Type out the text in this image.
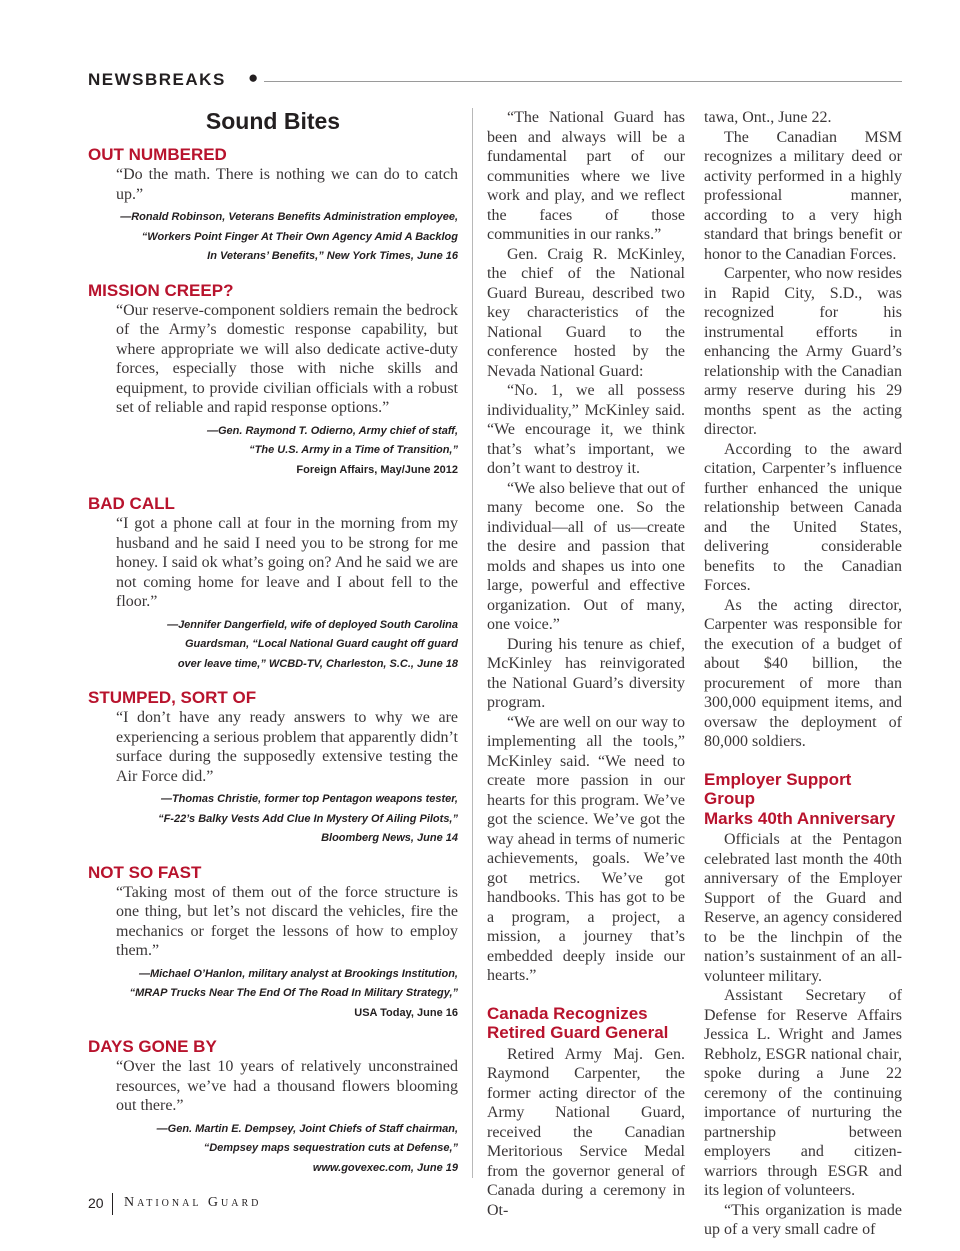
NEWSBREAKS ●
Sound Bites
OUT NUMBERED

“Do the math. There is nothing we can do to catch up.”

—Ronald Robinson, Veterans Benefits Administration employee,

“Workers Point Finger At Their Own Agency Amid A Backlog

In Veterans’ Benefits,” New York Times, June 16

MISSION CREEP?

“Our reserve-component soldiers remain the bedrock of the Army’s domestic response capability, but where appropriate we will also dedicate active-duty forces, especially those with niche skills and equipment, to provide civilian officials with a robust set of reliable and rapid response options.”

—Gen. Raymond T. Odierno, Army chief of staff,

“The U.S. Army in a Time of Transition,”

Foreign Affairs, May/June 2012

BAD CALL

“I got a phone call at four in the morning from my husband and he said I need you to be strong for me honey. I said ok what’s going on? And he said we are not coming home for leave and I about fell to the floor.”

—Jennifer Dangerfield, wife of deployed South Carolina

Guardsman, “Local National Guard caught off guard

over leave time,” WCBD-TV, Charleston, S.C., June 18

STUMPED, SORT OF

“I don’t have any ready answers to why we are experiencing a serious problem that apparently didn’t surface during the supposedly extensive testing the Air Force did.”

—Thomas Christie, former top Pentagon weapons tester,

“F-22’s Balky Vests Add Clue In Mystery Of Ailing Pilots,”

Bloomberg News, June 14

NOT SO FAST

“Taking most of them out of the force structure is one thing, but let’s not discard the vehicles, fire the mechanics or forget the lessons of how to employ them.”

—Michael O’Hanlon, military analyst at Brookings Institution,

“MRAP Trucks Near The End Of The Road In Military Strategy,”

USA Today, June 16

DAYS GONE BY

“Over the last 10 years of relatively unconstrained resources, we’ve had a thousand flowers blooming out there.”

—Gen. Martin E. Dempsey, Joint Chiefs of Staff chairman,

“Dempsey maps sequestration cuts at Defense,”

www.govexec.com, June 19

“The National Guard has been and always will be a fundamental part of our communities where we live work and play, and we reflect the faces of those communities in our ranks.”

Gen. Craig R. McKinley, the chief of the National Guard Bureau, described two key characteristics of the National Guard to the conference hosted by the Nevada National Guard:

“No. 1, we all possess individuality,” McKinley said. “We encourage it, we think that’s what’s important, we don’t want to destroy it.

“We also believe that out of many become one. So the individual—all of us—create the desire and passion that molds and shapes us into one large, powerful and effective organization. Out of many, one voice.”

During his tenure as chief, McKinley has reinvigorated the National Guard’s diversity program.

“We are well on our way to implementing all the tools,” McKinley said. “We need to create more passion in our hearts for this program. We’ve got the science. We’ve got the way ahead in terms of numeric achievements, goals. We’ve got metrics. We’ve got handbooks. This has got to be a program, a project, a mission, a journey that’s embedded deeply inside our hearts.”

Canada Recognizes
Retired Guard General

Retired Army Maj. Gen. Raymond Carpenter, the former acting director of the Army National Guard, received the Canadian Meritorious Service Medal from the governor general of Canada during a ceremony in Ot-

tawa, Ont., June 22.

The Canadian MSM recognizes a military deed or activity performed in a highly professional manner, according to a very high standard that brings benefit or honor to the Canadian Forces.

Carpenter, who now resides in Rapid City, S.D., was recognized for his instrumental efforts in enhancing the Army Guard’s relationship with the Canadian army reserve during his 29 months spent as the acting director.

According to the award citation, Carpenter’s influence further enhanced the unique relationship between Canada and the United States, delivering considerable benefits to the Canadian Forces.

As the acting director, Carpenter was responsible for the execution of a budget of about $40 billion, the procurement of more than 300,000 equipment items, and oversaw the deployment of 80,000 soldiers.

Employer Support Group
Marks 40th Anniversary

Officials at the Pentagon celebrated last month the 40th anniversary of the Employer Support of the Guard and Reserve, an agency considered to be the linchpin of the nation’s sustainment of an all-volunteer military.

Assistant Secretary of Defense for Reserve Affairs Jessica L. Wright and James Rebholz, ESGR national chair, spoke during a June 22 ceremony of the continuing importance of nurturing the partnership between employers and citizen-warriors through ESGR and its legion of volunteers.

“This organization is made up of a very small cadre of

20 National Guard
